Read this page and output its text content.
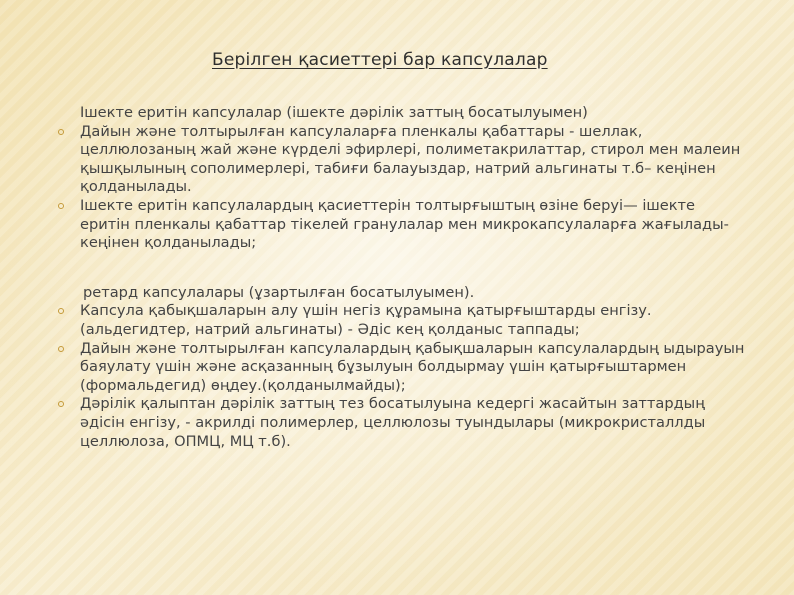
Берілген қасиеттері бар капсулалар

Ішекте еритін капсулалар (ішекте дәрілік заттың босатылуымен)

Дайын және толтырылған капсулаларға пленкалы қабаттары - шеллак, целлюлозаның жай және күрделі эфирлері, полиметакрилаттар, стирол мен малеин қышқылының сополимерлері, табиғи балауыздар, натрий альгинаты т.б– кеңінен қолданылады.
Ішекте еритін капсулалардың қасиеттерін толтырғыштың өзіне беруі— ішекте еритін пленкалы қабаттар тікелей гранулалар мен микрокапсулаларға жағылады- кеңінен қолданылады;

ретард капсулалары (ұзартылған босатылуымен).

Капсула қабықшаларын алу үшін негіз құрамына қатырғыштарды енгізу. (альдегидтер, натрий альгинаты) - Әдіс кең қолданыс таппады;
Дайын және толтырылған капсулалардың қабықшаларын капсулалардың ыдырауын баяулату үшін және асқазанның бұзылуын болдырмау үшін қатырғыштармен (формальдегид) өңдеу.(қолданылмайды);
Дәрілік қалыптан дәрілік заттың тез босатылуына кедергі жасайтын заттардың әдісін енгізу, - акрилді полимерлер, целлюлозы туындылары (микрокристаллды целлюлоза, ОПМЦ, МЦ т.б).
